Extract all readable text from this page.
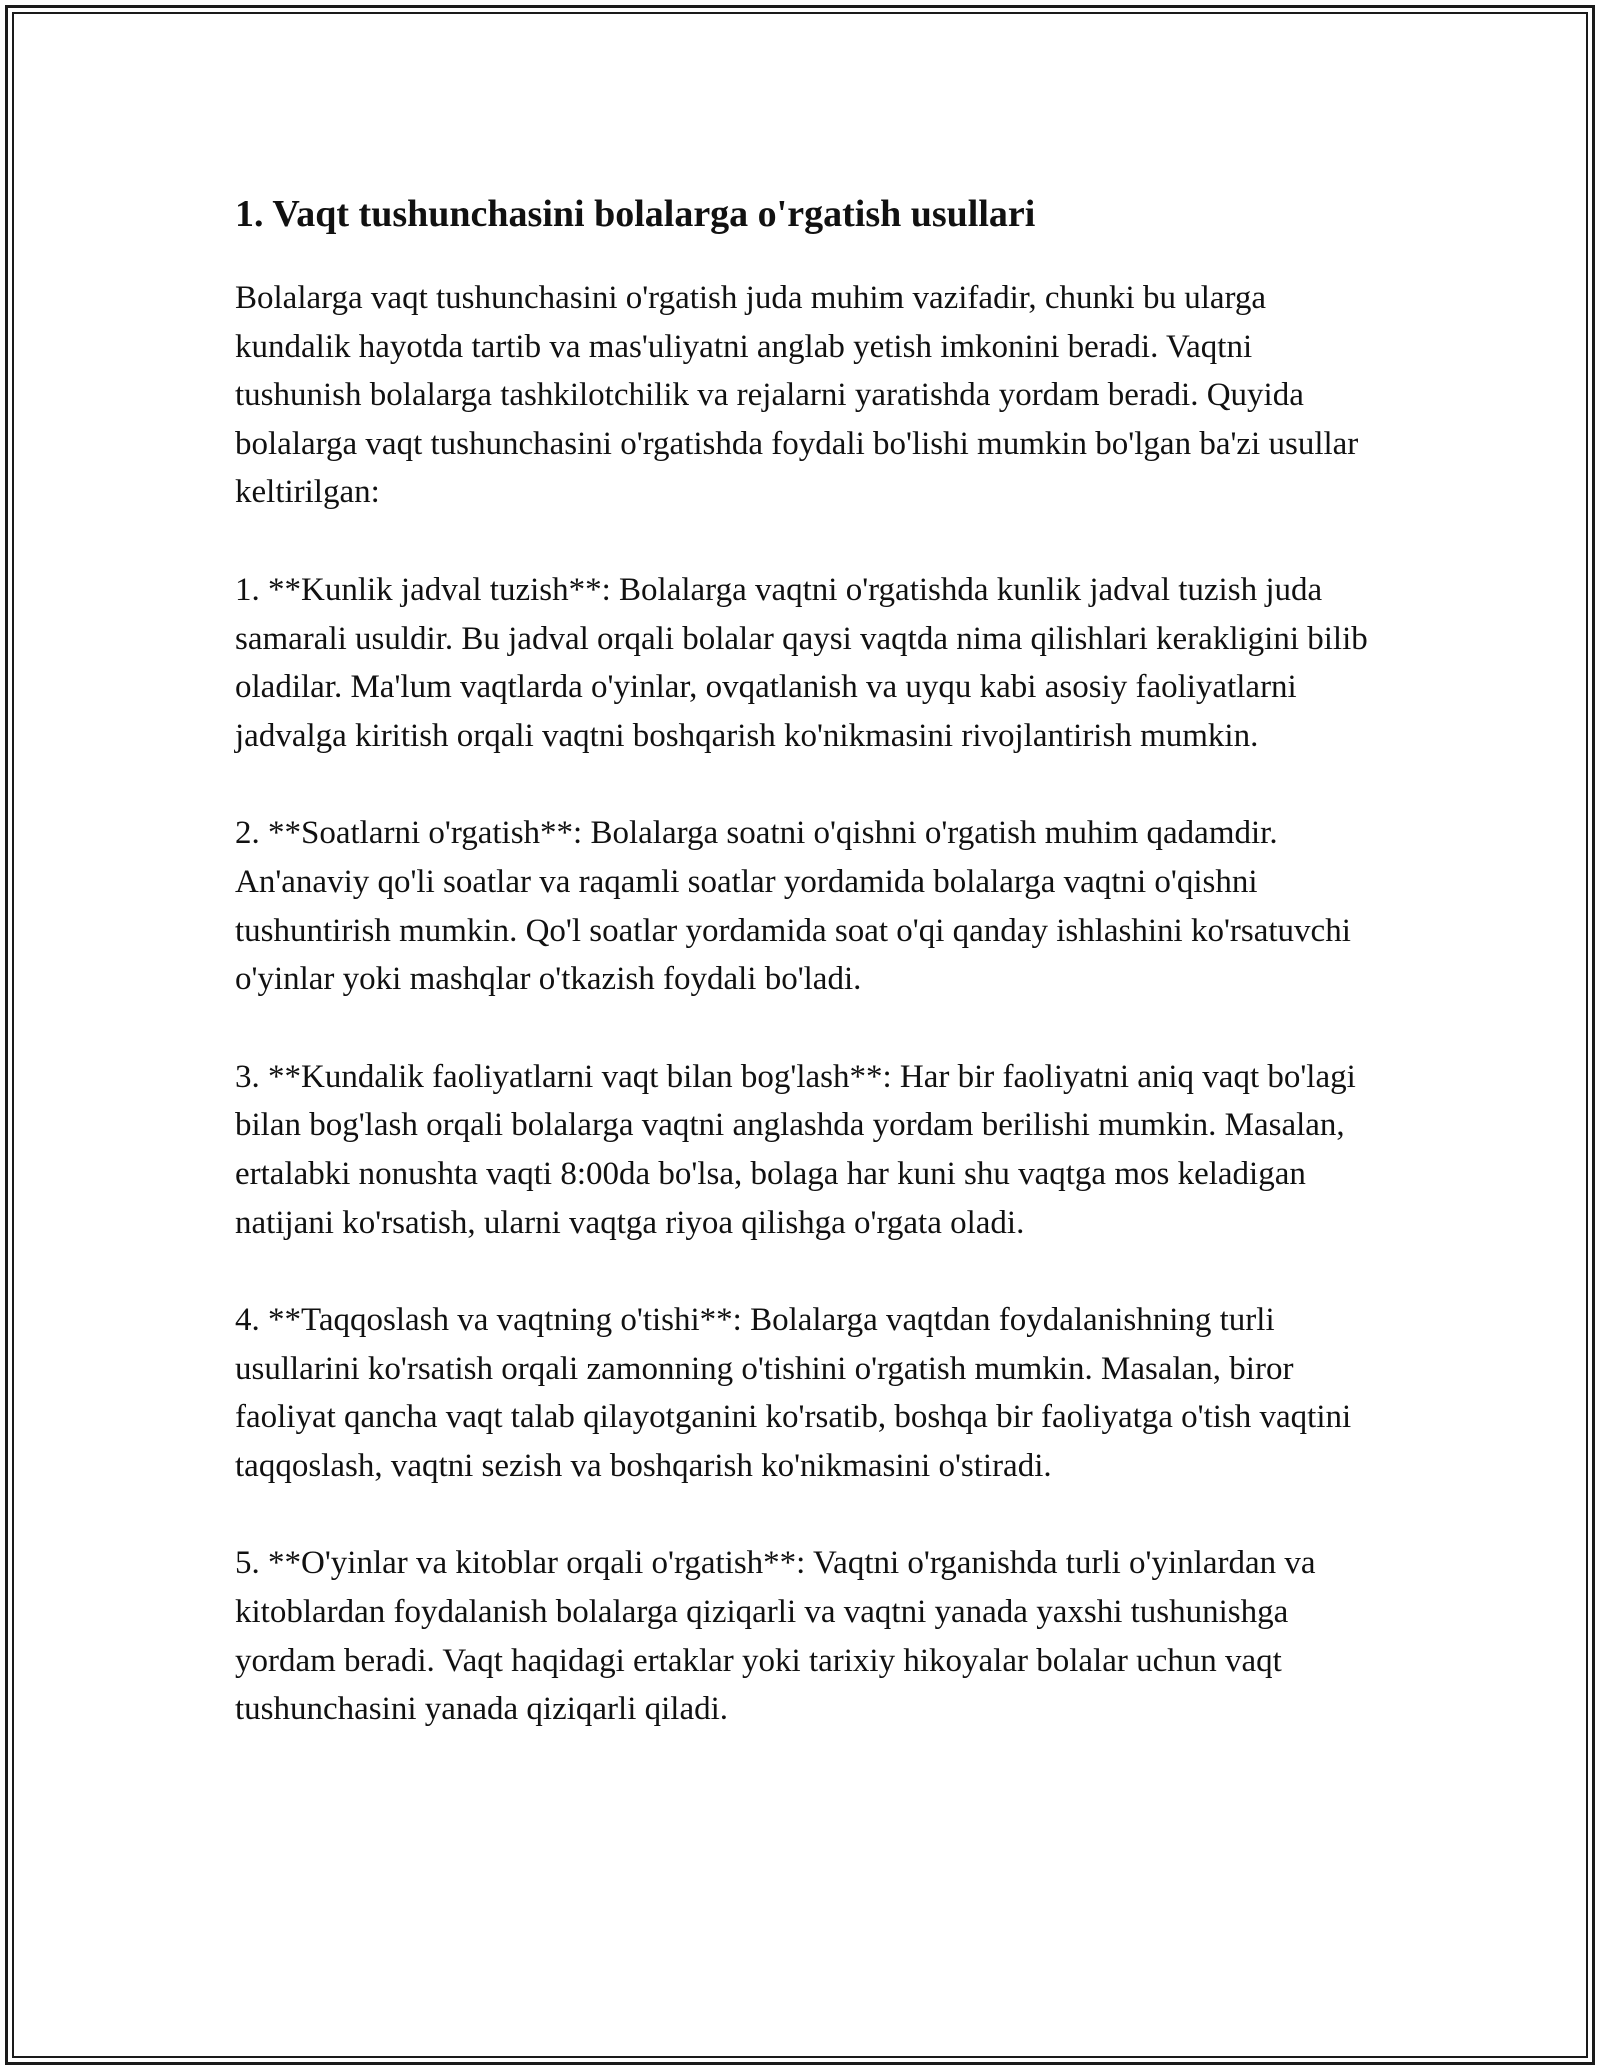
1. Vaqt tushunchasini bolalarga o'rgatish usullari

Bolalarga vaqt tushunchasini o'rgatish juda muhim vazifadir, chunki bu ularga kundalik hayotda tartib va mas'uliyatni anglab yetish imkonini beradi. Vaqtni tushunish bolalarga tashkilotchilik va rejalarni yaratishda yordam beradi. Quyida bolalarga vaqt tushunchasini o'rgatishda foydali bo'lishi mumkin bo'lgan ba'zi usullar keltirilgan:

1. **Kunlik jadval tuzish**: Bolalarga vaqtni o'rgatishda kunlik jadval tuzish juda samarali usuldir. Bu jadval orqali bolalar qaysi vaqtda nima qilishlari kerakligini bilib oladilar. Ma'lum vaqtlarda o'yinlar, ovqatlanish va uyqu kabi asosiy faoliyatlarni jadvalga kiritish orqali vaqtni boshqarish ko'nikmasini rivojlantirish mumkin.

2. **Soatlarni o'rgatish**: Bolalarga soatni o'qishni o'rgatish muhim qadamdir. An'anaviy qo'li soatlar va raqamli soatlar yordamida bolalarga vaqtni o'qishni tushuntirish mumkin. Qo'l soatlar yordamida soat o'qi qanday ishlashini ko'rsatuvchi o'yinlar yoki mashqlar o'tkazish foydali bo'ladi.

3. **Kundalik faoliyatlarni vaqt bilan bog'lash**: Har bir faoliyatni aniq vaqt bo'lagi bilan bog'lash orqali bolalarga vaqtni anglashda yordam berilishi mumkin. Masalan, ertalabki nonushta vaqti 8:00da bo'lsa, bolaga har kuni shu vaqtga mos keladigan natijani ko'rsatish, ularni vaqtga riyoa qilishga o'rgata oladi.

4. **Taqqoslash va vaqtning o'tishi**: Bolalarga vaqtdan foydalanishning turli usullarini ko'rsatish orqali zamonning o'tishini o'rgatish mumkin. Masalan, biror faoliyat qancha vaqt talab qilayotganini ko'rsatib, boshqa bir faoliyatga o'tish vaqtini taqqoslash, vaqtni sezish va boshqarish ko'nikmasini o'stiradi.

5. **O'yinlar va kitoblar orqali o'rgatish**: Vaqtni o'rganishda turli o'yinlardan va kitoblardan foydalanish bolalarga qiziqarli va vaqtni yanada yaxshi tushunishga yordam beradi. Vaqt haqidagi ertaklar yoki tarixiy hikoyalar bolalar uchun vaqt tushunchasini yanada qiziqarli qiladi.
